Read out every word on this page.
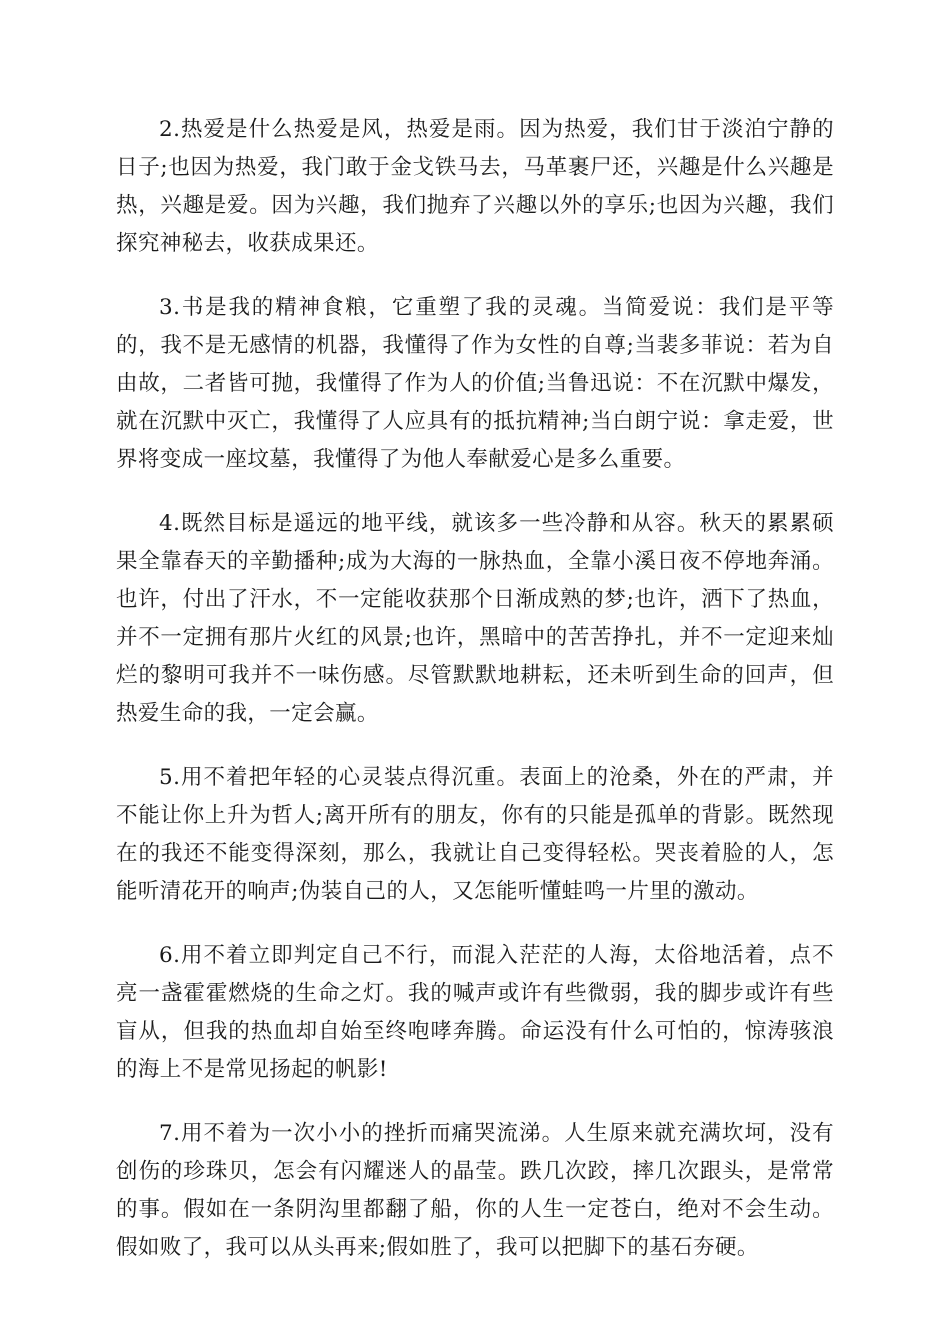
2.热爱是什么热爱是风，热爱是雨。因为热爱，我们甘于淡泊宁静的日子;也因为热爱，我门敢于金戈铁马去，马革裹尸还，兴趣是什么兴趣是热，兴趣是爱。因为兴趣，我们抛弃了兴趣以外的享乐;也因为兴趣，我们探究神秘去，收获成果还。

3.书是我的精神食粮，它重塑了我的灵魂。当简爱说：我们是平等的，我不是无感情的机器，我懂得了作为女性的自尊;当裴多菲说：若为自由故，二者皆可抛，我懂得了作为人的价值;当鲁迅说：不在沉默中爆发，就在沉默中灭亡，我懂得了人应具有的抵抗精神;当白朗宁说：拿走爱，世界将变成一座坟墓，我懂得了为他人奉献爱心是多么重要。

4.既然目标是遥远的地平线，就该多一些冷静和从容。秋天的累累硕果全靠春天的辛勤播种;成为大海的一脉热血，全靠小溪日夜不停地奔涌。也许，付出了汗水，不一定能收获那个日渐成熟的梦;也许，洒下了热血，并不一定拥有那片火红的风景;也许，黑暗中的苦苦挣扎，并不一定迎来灿烂的黎明可我并不一味伤感。尽管默默地耕耘，还未听到生命的回声，但热爱生命的我，一定会赢。

5.用不着把年轻的心灵装点得沉重。表面上的沧桑，外在的严肃，并不能让你上升为哲人;离开所有的朋友，你有的只能是孤单的背影。既然现在的我还不能变得深刻，那么，我就让自己变得轻松。哭丧着脸的人，怎能听清花开的响声;伪装自己的人，又怎能听懂蛙鸣一片里的激动。

6.用不着立即判定自己不行，而混入茫茫的人海，太俗地活着，点不亮一盏霍霍燃烧的生命之灯。我的喊声或许有些微弱，我的脚步或许有些盲从，但我的热血却自始至终咆哮奔腾。命运没有什么可怕的，惊涛骇浪的海上不是常见扬起的帆影!

7.用不着为一次小小的挫折而痛哭流涕。人生原来就充满坎坷，没有创伤的珍珠贝，怎会有闪耀迷人的晶莹。跌几次跤，摔几次跟头，是常常的事。假如在一条阴沟里都翻了船，你的人生一定苍白，绝对不会生动。假如败了，我可以从头再来;假如胜了，我可以把脚下的基石夯硬。
